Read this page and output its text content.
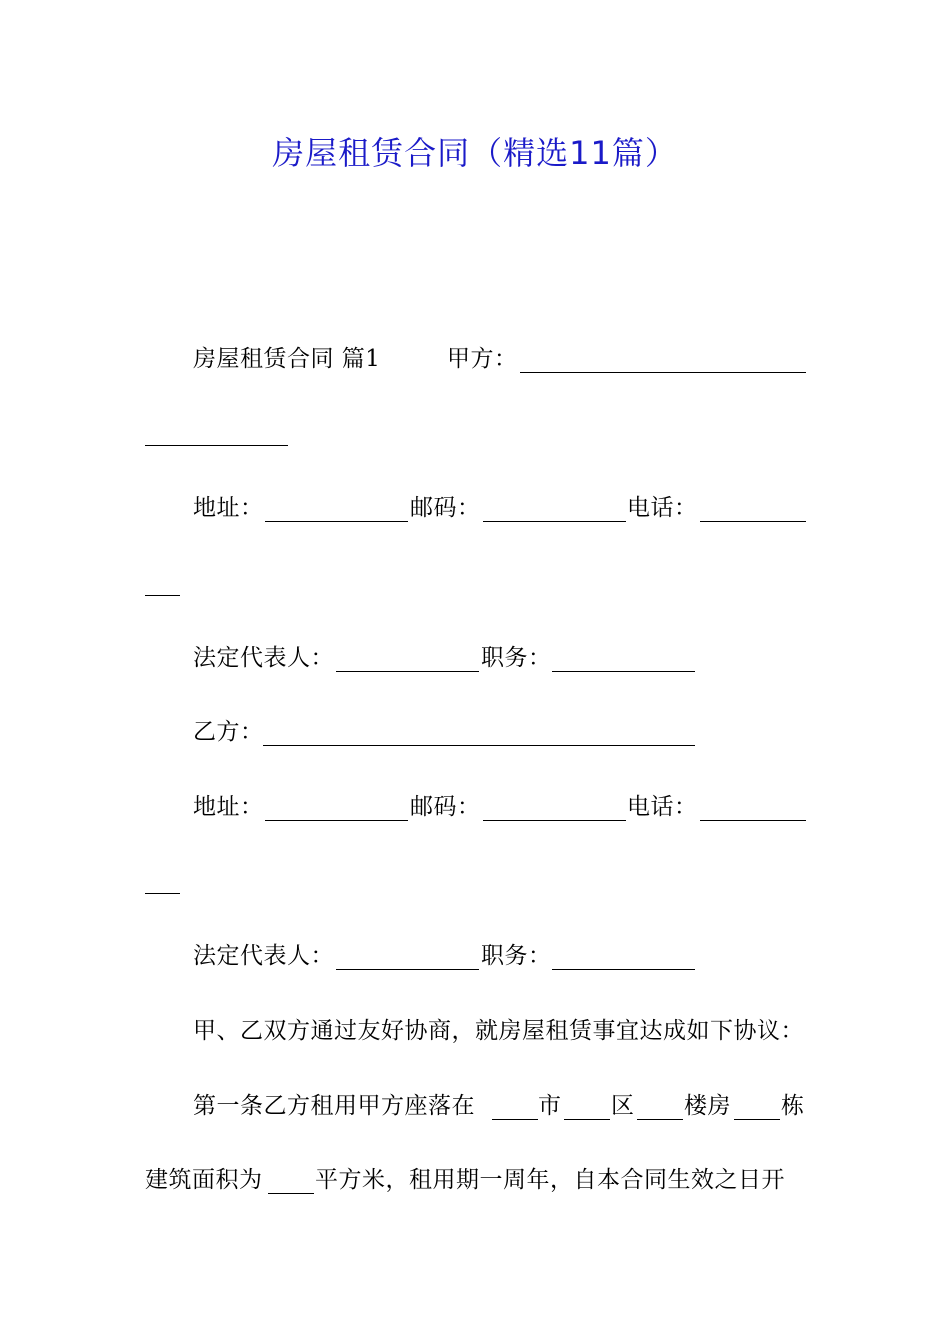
房屋租赁合同（精选11篇）
房屋租赁合同 篇1	甲方：
地址：	邮码：	电话：
法定代表人：	职务：
乙方：
地址：	邮码：	电话：
法定代表人：	职务：
甲、乙双方通过友好协商，就房屋租赁事宜达成如下协议：
第一条乙方租用甲方座落在	市 区 楼房 栋
建筑面积为 平方米，租用期一周年，自本合同生效之日开
